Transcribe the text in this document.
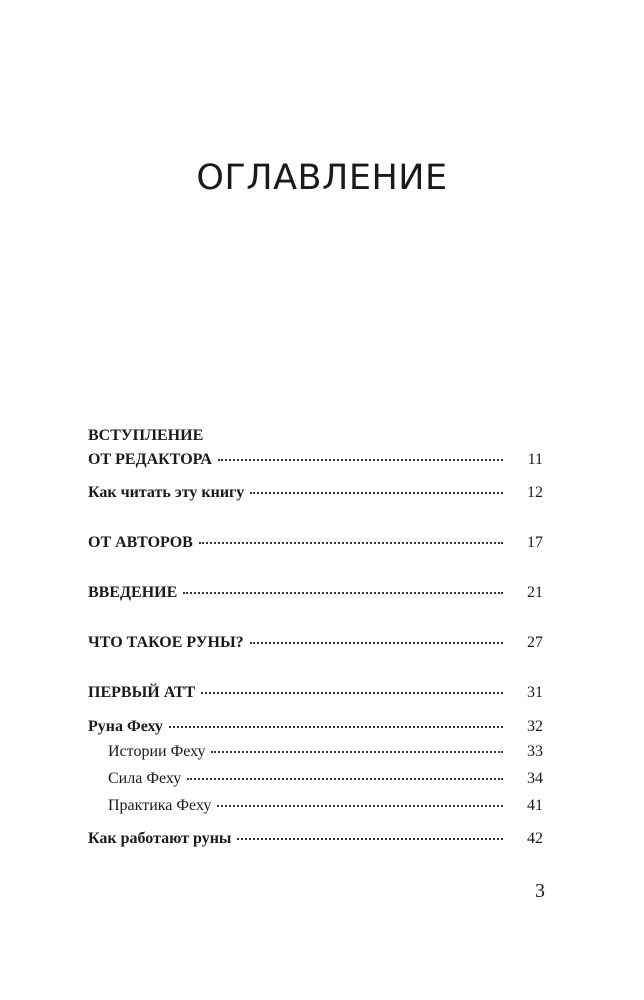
ОГЛАВЛЕНИЕ
ВСТУПЛЕНИЕ
ОТ РЕДАКТОРА	11
Как читать эту книгу	12
ОТ АВТОРОВ	17
ВВЕДЕНИЕ	21
ЧТО ТАКОЕ РУНЫ?	27
ПЕРВЫЙ АТТ	31
Руна Феху	32
Истории Феху	33
Сила Феху	34
Практика Феху	41
Как работают руны	42
3
